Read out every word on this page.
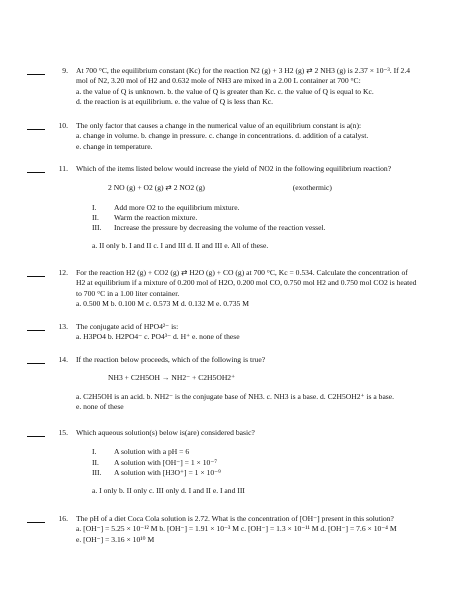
9. At 700 °C, the equilibrium constant (Kc) for the reaction N2 (g) + 3 H2 (g) ⇄ 2 NH3 (g) is 2.37 × 10⁻³. If 2.4
mol of N2, 3.20 mol of H2 and 0.632 mole of NH3 are mixed in a 2.00 L container at 700 °C:
a. the value of Q is unknown. b. the value of Q is greater than Kc. c. the value of Q is equal to Kc.
d. the reaction is at equilibrium. e. the value of Q is less than Kc.
10. The only factor that causes a change in the numerical value of an equilibrium constant is a(n):
a. change in volume. b. change in pressure. c. change in concentrations. d. addition of a catalyst.
e. change in temperature.
11. Which of the items listed below would increase the yield of NO2 in the following equilibrium reaction?
2 NO (g) + O2 (g) ⇄ 2 NO2 (g)	(exothermic)
I. Add more O2 to the equilibrium mixture.
II. Warm the reaction mixture.
III. Increase the pressure by decreasing the volume of the reaction vessel.
a. II only b. I and II c. I and III d. II and III e. All of these.
12. For the reaction H2 (g) + CO2 (g) ⇄ H2O (g) + CO (g) at 700 °C, Kc = 0.534. Calculate the concentration of
H2 at equilibrium if a mixture of 0.200 mol of H2O, 0.200 mol CO, 0.750 mol H2 and 0.750 mol CO2 is heated
to 700 °C in a 1.00 liter container.
a. 0.500 M b. 0.100 M c. 0.573 M d. 0.132 M e. 0.735 M
13. The conjugate acid of HPO4²⁻ is:
a. H3PO4 b. H2PO4⁻ c. PO4³⁻ d. H⁺ e. none of these
14. If the reaction below proceeds, which of the following is true?
NH3 + C2H5OH → NH2⁻ + C2H5OH2⁺
a. C2H5OH is an acid. b. NH2⁻ is the conjugate base of NH3. c. NH3 is a base. d. C2H5OH2⁺ is a base.
e. none of these
15. Which aqueous solution(s) below is(are) considered basic?
I. A solution with a pH = 6
II. A solution with [OH⁻] = 1 × 10⁻⁷
III. A solution with [H3O⁺] = 1 × 10⁻⁹
a. I only b. II only c. III only d. I and II e. I and III
16. The pH of a diet Coca Cola solution is 2.72. What is the concentration of [OH⁻] present in this solution?
a. [OH⁻] = 5.25 × 10⁻¹² M b. [OH⁻] = 1.91 × 10⁻³ M c. [OH⁻] = 1.3 × 10⁻¹¹ M d. [OH⁻] = 7.6 × 10⁻⁴ M
e. [OH⁻] = 3.16 × 10¹⁰ M
